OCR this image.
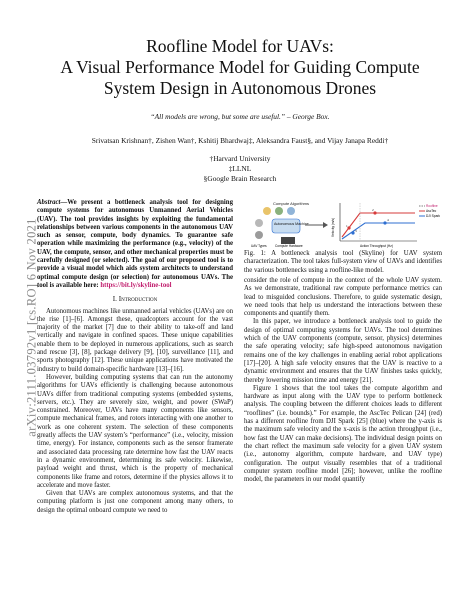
arXiv:2111.03792v1 [cs.RO] 6 Nov 2021
Roofline Model for UAVs:
A Visual Performance Model for Guiding Compute
System Design in Autonomous Drones
“All models are wrong, but some are useful.” – George Box.
Srivatsan Krishnan†, Zishen Wan†, Kshitij Bhardwaj‡, Aleksandra Faust§, and Vijay Janapa Reddi†
†Harvard University
‡LLNL
§Google Brain Research
Abstract—We present a bottleneck analysis tool for designing compute systems for autonomous Unmanned Aerial Vehicles (UAV). The tool provides insights by exploiting the fundamental relationships between various components in the autonomous UAV such as sensor, compute, body dynamics. To guarantee safe operation while maximizing the performance (e.g., velocity) of the UAV, the compute, sensor, and other mechanical properties must be carefully designed (or selected). The goal of our proposed tool is to provide a visual model which aids system architects to understand optimal compute design (or selection) for autonomous UAVs. The tool is available here: https://bit.ly/skyline-tool
I. Introduction

Autonomous machines like unmanned aerial vehicles (UAVs) are on the rise [1]–[6]. Amongst these, quadcopters account for the vast majority of the market [7] due to their ability to take-off and land vertically and navigate in confined spaces. These unique capabilities enable them to be deployed in numerous applications, such as search and rescue [3], [8], package delivery [9], [10], surveillance [11], and sports photography [12]. These unique applications have motivated the industry to build domain-specific hardware [13]–[16].

However, building computing systems that can run the autonomy algorithms for UAVs efficiently is challenging because autonomous UAVs differ from traditional computing systems (embedded systems, servers, etc.). They are severely size, weight, and power (SWaP) constrained. Moreover, UAVs have many components like sensors, compute mechanical frames, and rotors interacting with one another to work as one coherent system. The selection of these components greatly affects the UAV system’s “performance” (i.e., velocity, mission time, energy). For instance, components such as the sensor framerate and associated data processing rate determine how fast the UAV reacts in a dynamic environment, determining its safe velocity. Likewise, payload weight and thrust, which is the property of mechanical components like frame and rotors, determine if the physics allows it to accelerate and move faster.

Given that UAVs are complex autonomous systems, and that the computing platform is just one component among many others, to design the optimal onboard compute we need to

Compute Algorithms
Autonomous Machine
UAV Types	Compute Hardware
Velocity (m/s)
Action Throughput (Hz)
1
2
3
4
Roofline
AscTec
DJI Spark
Fig. 1: A bottleneck analysis tool (Skyline) for UAV system characterization. The tool takes full-system view of UAVs and identifies the various bottlenecks using a roofline-like model.

consider the role of compute in the context of the whole UAV system. As we demonstrate, traditional raw compute performance metrics can lead to misguided conclusions. Therefore, to guide systematic design, we need tools that help us understand the interactions between these components and quantify them.

In this paper, we introduce a bottleneck analysis tool to guide the design of optimal computing systems for UAVs. The tool determines which of the UAV components (compute, sensor, physics) determines the safe operating velocity; safe high-speed autonomous navigation remains one of the key challenges in enabling aerial robot applications [17]–[20]. A high safe velocity ensures that the UAV is reactive to a dynamic environment and ensures that the UAV finishes tasks quickly, thereby lowering mission time and energy [21].

Figure 1 shows that the tool takes the compute algorithm and hardware as input along with the UAV type to perform bottleneck analysis. The coupling between the different choices leads to different “rooflines” (i.e. bounds).” For example, the AscTec Pelican [24] (red) has a different roofline from DJI Spark [25] (blue) where the y-axis is the maximum safe velocity and the x-axis is the action throughput (i.e., how fast the UAV can make decisions). The individual design points on the chart reflect the maximum safe velocity for a given UAV system (i.e., autonomy algorithm, compute hardware, and UAV type) configuration. The output visually resembles that of a traditional computer system roofline model [26]; however, unlike the roofline model, the parameters in our model quantify
